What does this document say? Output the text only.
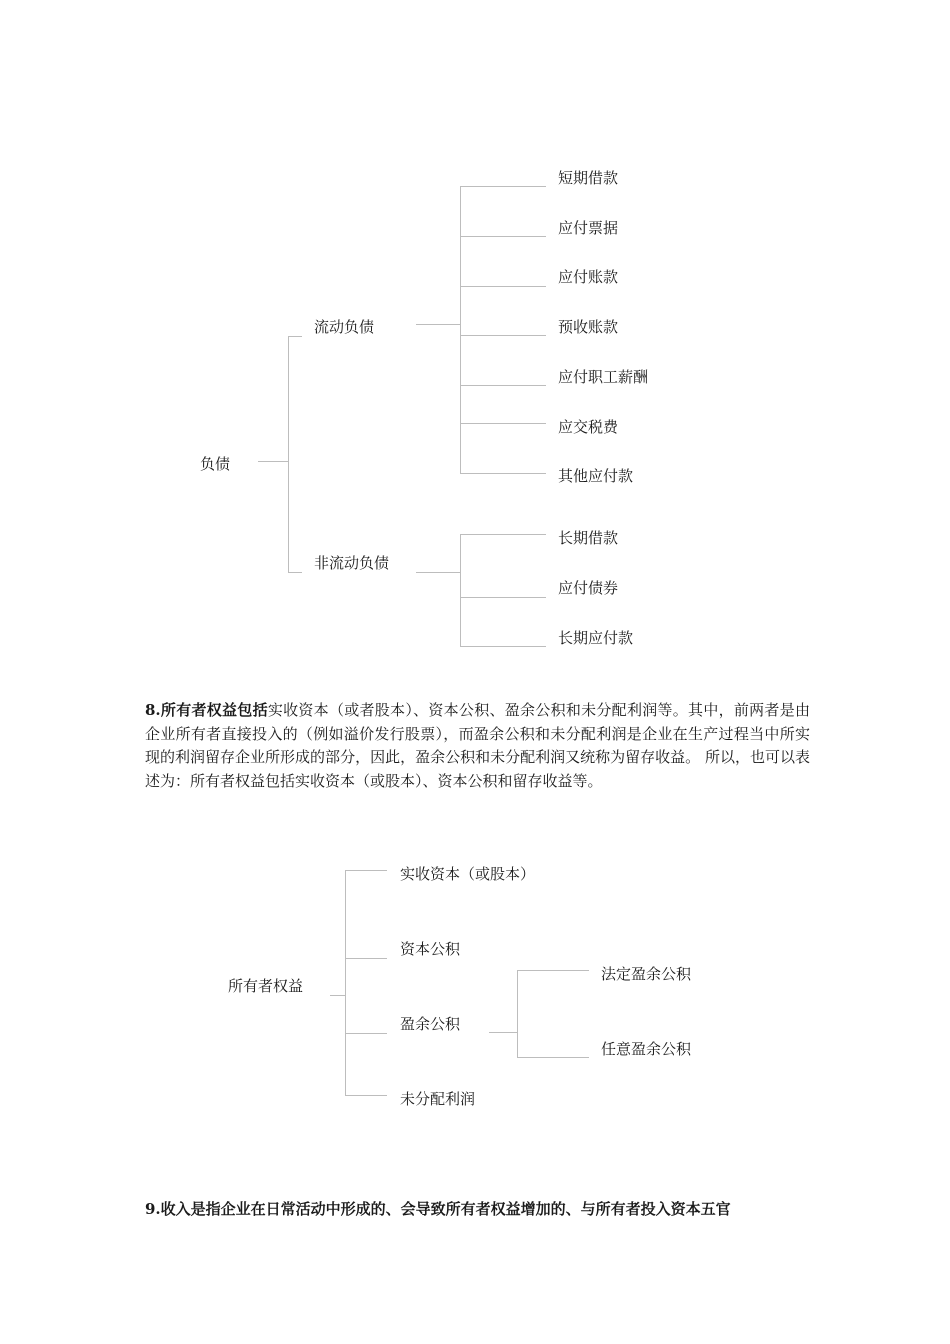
负债
流动负债
非流动负债
短期借款
应付票据
应付账款
预收账款
应付职工薪酬
应交税费
其他应付款
长期借款
应付债券
长期应付款
8.所有者权益包括实收资本（或者股本）、资本公积、盈余公积和未分配利润等。其中，前两者是由企业所有者直接投入的（例如溢价发行股票），而盈余公积和未分配利润是企业在生产过程当中所实现的利润留存企业所形成的部分，因此，盈余公积和未分配利润又统称为留存收益。 所以，也可以表述为：所有者权益包括实收资本（或股本）、资本公积和留存收益等。
所有者权益
实收资本（或股本）
资本公积
盈余公积
未分配利润
法定盈余公积
任意盈余公积
9.收入是指企业在日常活动中形成的、会导致所有者权益增加的、与所有者投入资本五官
